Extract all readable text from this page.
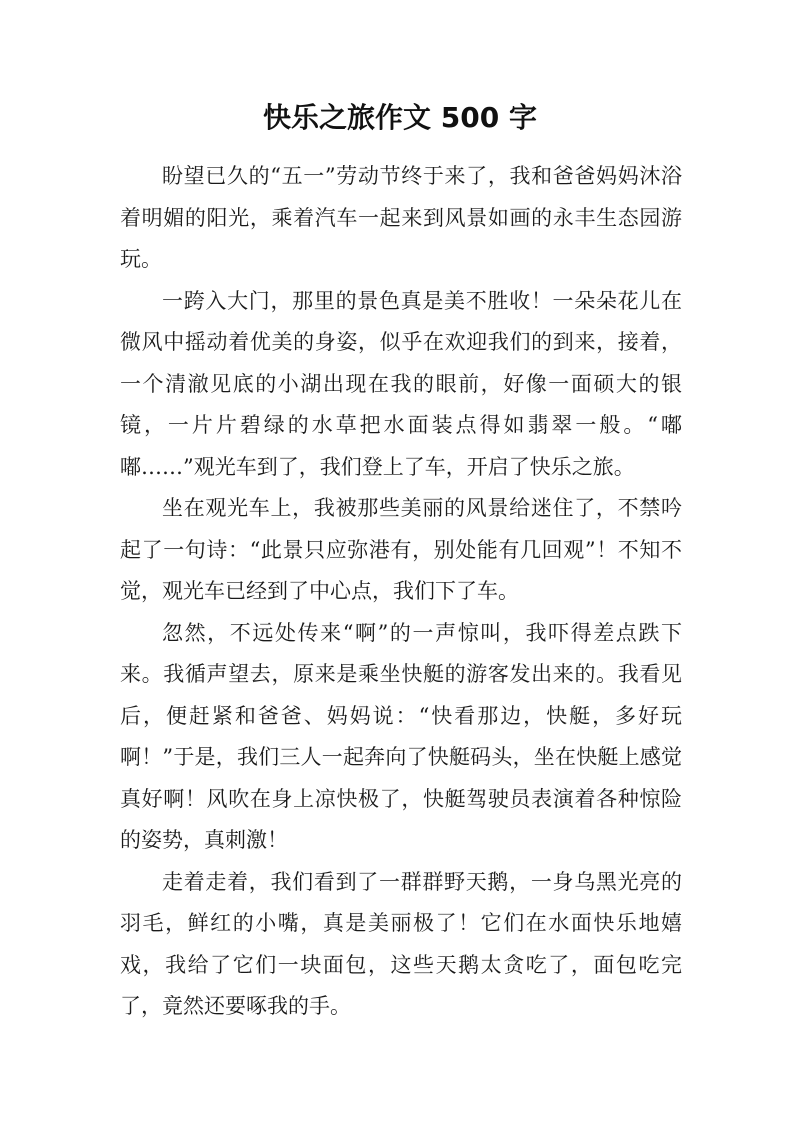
快乐之旅作文 500 字

盼望已久的“五一”劳动节终于来了，我和爸爸妈妈沐浴着明媚的阳光，乘着汽车一起来到风景如画的永丰生态园游玩。

一跨入大门，那里的景色真是美不胜收！一朵朵花儿在微风中摇动着优美的身姿，似乎在欢迎我们的到来，接着，一个清澈见底的小湖出现在我的眼前，好像一面硕大的银镜，一片片碧绿的水草把水面装点得如翡翠一般。“嘟嘟……”观光车到了，我们登上了车，开启了快乐之旅。

坐在观光车上，我被那些美丽的风景给迷住了，不禁吟起了一句诗：“此景只应弥港有，别处能有几回观”！不知不觉，观光车已经到了中心点，我们下了车。

忽然，不远处传来“啊”的一声惊叫，我吓得差点跌下来。我循声望去，原来是乘坐快艇的游客发出来的。我看见后，便赶紧和爸爸、妈妈说：“快看那边，快艇，多好玩啊！”于是，我们三人一起奔向了快艇码头，坐在快艇上感觉真好啊！风吹在身上凉快极了，快艇驾驶员表演着各种惊险的姿势，真刺激！

走着走着，我们看到了一群群野天鹅，一身乌黑光亮的羽毛，鲜红的小嘴，真是美丽极了！它们在水面快乐地嬉戏，我给了它们一块面包，这些天鹅太贪吃了，面包吃完了，竟然还要啄我的手。
